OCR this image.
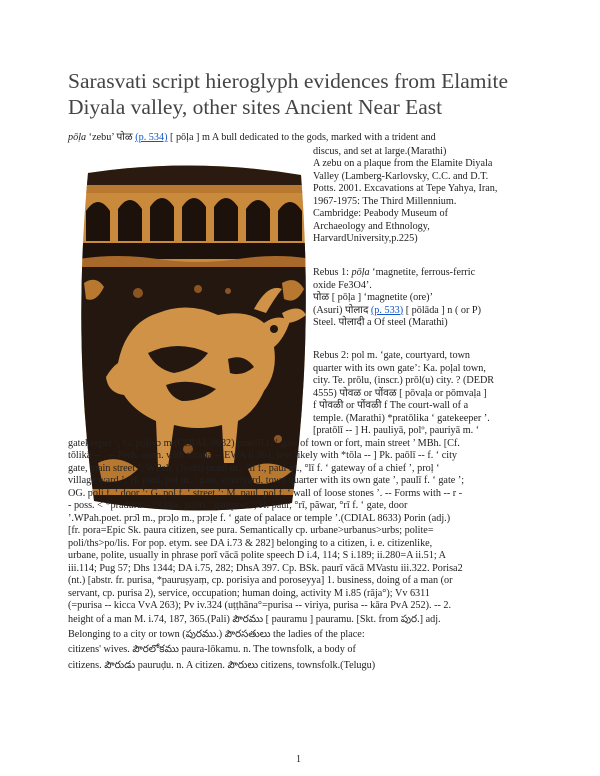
Sarasvati script hieroglyph evidences from Elamite Diyala valley, other sites Ancient Near East

pōḷa ‘zebu’ पोळ (p. 534) [ pōḷa ] m A bull dedicated to the gods, marked with a trident and

discus, and set at large.(Marathi)

A zebu on a plaque from the Elamite Diyala

Valley (Lamberg-Karlovsky, C.C. and D.T.

Potts. 2001. Excavations at Tepe Yahya, Iran,

1967-1975: The Third Millennium.

Cambridge: Peabody Museum of

Archaeology and Ethnology,

HarvardUniversity,p.225)

Rebus 1: pōḷa ‘magnetite, ferrous-ferric

oxide Fe3O4’.

पोळ [ pōḷa ] ‘magnetite (ore)’

(Asuri) पोलाद (p. 533) [ pōlāda ] n ( or P)

Steel. पोलादी a Of steel (Marathi)

Rebus 2: pol m. ‘gate, courtyard, town

quarter with its own gate’: Ka. poḷal town,

city. Te. prōlu, (inscr.) prōl(u) city. ? (DEDR

4555) पोवळ or पोंवळ [ pōvaḷa or pōmvaḷa ]

f पोवळी or पोंवळी f The court-wall of a

temple. (Marathi) *pratōlika ‘ gatekeeper ’.

[pratōlī -- ] H. pauliyā, polº, pauriyā m. ‘

gatekeeper ’, G. poḷiyɔ m.(CDIAL 8632) pratōlī f. ‘ gate of town or fort, main street ’ MBh. [Cf.

tōlikā -- . -- Perh. conn. with tōraṇa -- EWA ii 361, less likely with *tōla -- ] Pk. paōlī -- f. ‘ city

gate, main street ’; WPah. (Joshi) praul m., °lī f., paul m., °lī f. ‘ gateway of a chief ’, proḷ ‘

village ward ’; H. paul, pol m. ‘ gate, courtyard, town quarter with its own gate ’, paulī f. ‘ gate ’;

OG. poli f. ‘ door ’; G. poḷ f. ‘ street ’; M. paul, poḷ f. ‘ wall of loose stones ’. -- Forms with -- r -

- poss. < *pradura -- : OAw. paüri ‘ gatepost ’; H. paur, °rī, pãwar, °rī f. ‘ gate, door

’.WPah.poet. prɔ̄l m., prɔḷo m., prɔḷe f. ‘ gate of palace or temple ’.(CDIAL 8633) Porin (adj.)

[fr. pora=Epic Sk. paura citizen, see pura. Semantically cp. urbane>urbanus>urbs; polite=

poli/ths>po/lis. For pop. etym. see DA i.73 & 282] belonging to a citizen, i. e. citizenlike,

urbane, polite, usually in phrase porī vācā polite speech D i.4, 114; S i.189; ii.280=A ii.51; A

iii.114; Pug 57; Dhs 1344; DA i.75, 282; DhsA 397. Cp. BSk. paurī vācā MVastu iii.322. Porisa2

(nt.) [abstr. fr. purisa, *pauruṣyaṃ, cp. porisiya and poroseyya] 1. business, doing of a man (or

servant, cp. purisa 2), service, occupation; human doing, activity M i.85 (rāja°); Vv 6311

(=purisa -- kicca VvA 263); Pv iv.324 (uṭṭhāna°=purisa -- viriya, purisa -- kāra PvA 252). -- 2.

height of a man M. i.74, 187, 365.(Pali) పౌరము [ pauramu ] pauramu. [Skt. from పుర.] adj.

Belonging to a city or town (పురము.) పౌరసతులు the ladies of the place:

citizens' wives. పౌరలోకము paura-lōkamu. n. The townsfolk, a body of

citizens. పౌరుడు pauruḍu. n. A citizen. పౌరులు citizens, townsfolk.(Telugu)

1
